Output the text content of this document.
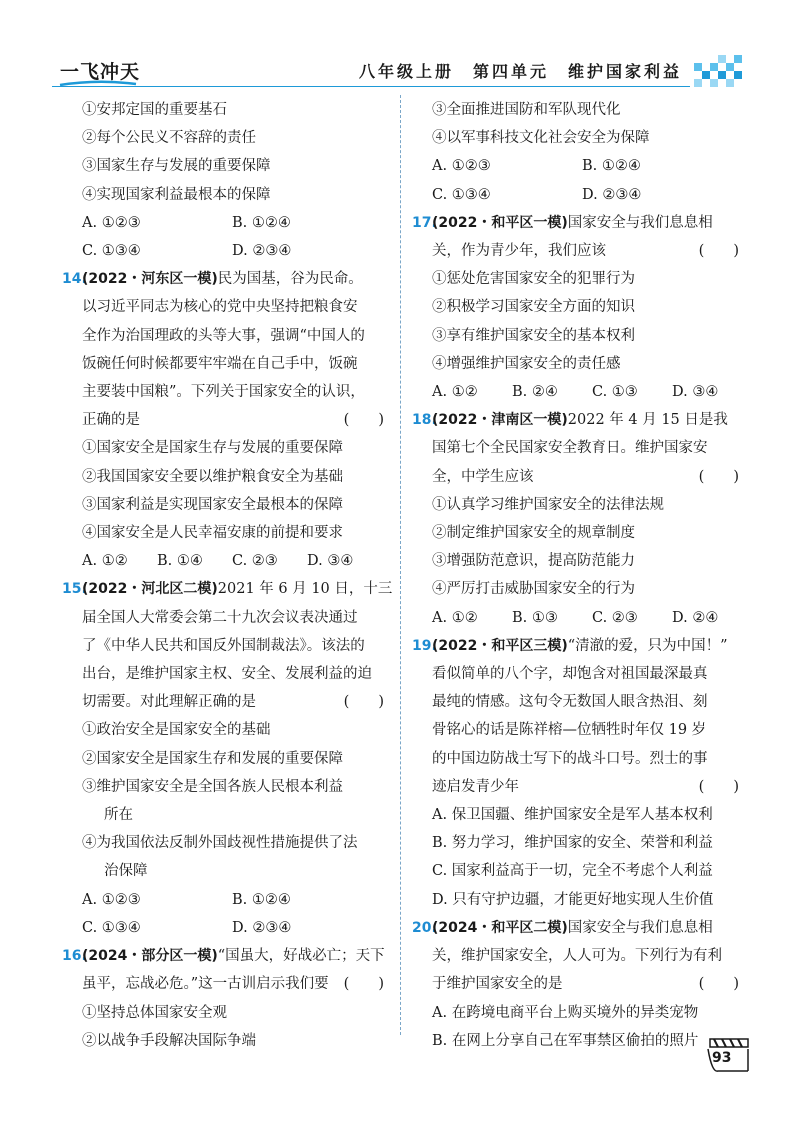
一飞冲天	八年级上册　第四单元　维护国家利益
①安邦定国的重要基石
②每个公民义不容辞的责任
③国家生存与发展的重要保障
④实现国家利益最根本的保障
A. ①②③	B. ①②④
C. ①③④	D. ②③④
14.(2022・河东区一模)民为国基，谷为民命。
以习近平同志为核心的党中央坚持把粮食安
全作为治国理政的头等大事，强调“中国人的
饭碗任何时候都要牢牢端在自己手中，饭碗
主要装中国粮”。下列关于国家安全的认识，
正确的是	(　　)
①国家安全是国家生存与发展的重要保障
②我国国家安全要以维护粮食安全为基础
③国家利益是实现国家安全最根本的保障
④国家安全是人民幸福安康的前提和要求
A. ①② B. ①④ C. ②③ D. ③④
15.(2022・河北区二模)2021 年 6 月 10 日，十三
届全国人大常委会第二十九次会议表决通过
了《中华人民共和国反外国制裁法》。该法的
出台，是维护国家主权、安全、发展利益的迫
切需要。对此理解正确的是	(　　)
①政治安全是国家安全的基础
②国家安全是国家生存和发展的重要保障
③维护国家安全是全国各族人民根本利益
所在
④为我国依法反制外国歧视性措施提供了法
治保障
A. ①②③	B. ①②④
C. ①③④	D. ②③④
16.(2024・部分区一模)“国虽大，好战必亡；天下
虽平，忘战必危。”这一古训启示我们要 (　　)
①坚持总体国家安全观
②以战争手段解决国际争端
③全面推进国防和军队现代化
④以军事科技文化社会安全为保障
A. ①②③	B. ①②④
C. ①③④	D. ②③④
17.(2022・和平区一模)国家安全与我们息息相
关，作为青少年，我们应该	(　　)
①惩处危害国家安全的犯罪行为
②积极学习国家安全方面的知识
③享有维护国家安全的基本权利
④增强维护国家安全的责任感
A. ①② B. ②④ C. ①③ D. ③④
18.(2022・津南区一模)2022 年 4 月 15 日是我
国第七个全民国家安全教育日。维护国家安
全，中学生应该	(　　)
①认真学习维护国家安全的法律法规
②制定维护国家安全的规章制度
③增强防范意识，提高防范能力
④严厉打击威胁国家安全的行为
A. ①② B. ①③ C. ②③ D. ②④
19.(2022・和平区三模)“清澈的爱，只为中国！”
看似简单的八个字，却饱含对祖国最深最真
最纯的情感。这句令无数国人眼含热泪、刻
骨铭心的话是陈祥榕—位牺牲时年仅 19 岁
的中国边防战士写下的战斗口号。烈士的事
迹启发青少年	(　　)
A. 保卫国疆、维护国家安全是军人基本权利
B. 努力学习，维护国家的安全、荣誉和利益
C. 国家利益高于一切，完全不考虑个人利益
D. 只有守护边疆，才能更好地实现人生价值
20.(2024・和平区二模)国家安全与我们息息相
关，维护国家安全，人人可为。下列行为有利
于维护国家安全的是	(　　)
A. 在跨境电商平台上购买境外的异类宠物
B. 在网上分享自己在军事禁区偷拍的照片
93
